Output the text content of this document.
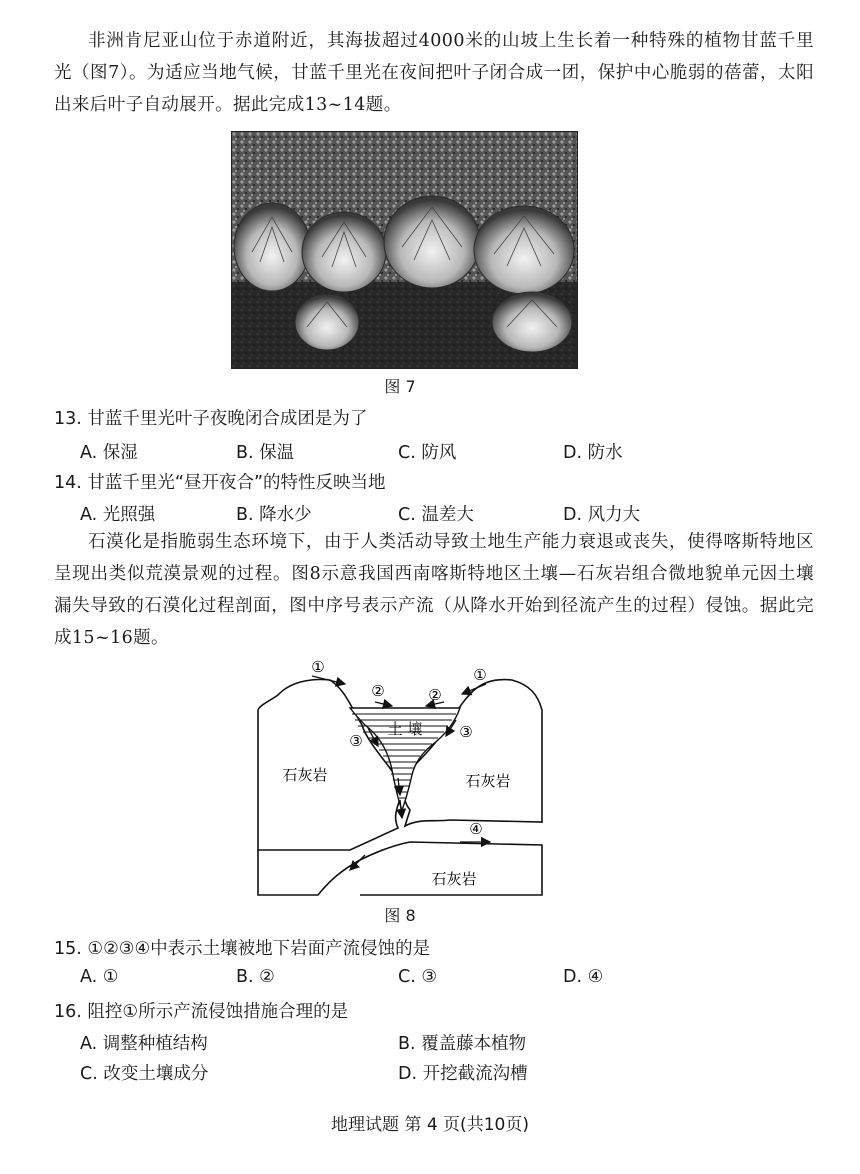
非洲肯尼亚山位于赤道附近，其海拔超过4000米的山坡上生长着一种特殊的植物甘蓝千里光（图7）。为适应当地气候，甘蓝千里光在夜间把叶子闭合成一团，保护中心脆弱的蓓蕾，太阳出来后叶子自动展开。据此完成13~14题。

图 7

13. 甘蓝千里光叶子夜晚闭合成团是为了

A. 保湿	B. 保温	C. 防风	D. 防水

14. 甘蓝千里光“昼开夜合”的特性反映当地

A. 光照强	B. 降水少	C. 温差大	D. 风力大

石漠化是指脆弱生态环境下，由于人类活动导致土地生产能力衰退或丧失，使得喀斯特地区呈现出类似荒漠景观的过程。图8示意我国西南喀斯特地区土壤—石灰岩组合微地貌单元因土壤漏失导致的石漠化过程剖面，图中序号表示产流（从降水开始到径流产生的过程）侵蚀。据此完成15~16题。

①	①
②	②
③	③
④
土 壤
石灰岩	石灰岩
石灰岩
图 8

15. ①②③④中表示土壤被地下岩面产流侵蚀的是

A. ①	B. ②	C. ③	D. ④

16. 阻控①所示产流侵蚀措施合理的是

A. 调整种植结构	B. 覆盖藤本植物

C. 改变土壤成分	D. 开挖截流沟槽

地理试题 第 4 页(共10页)
